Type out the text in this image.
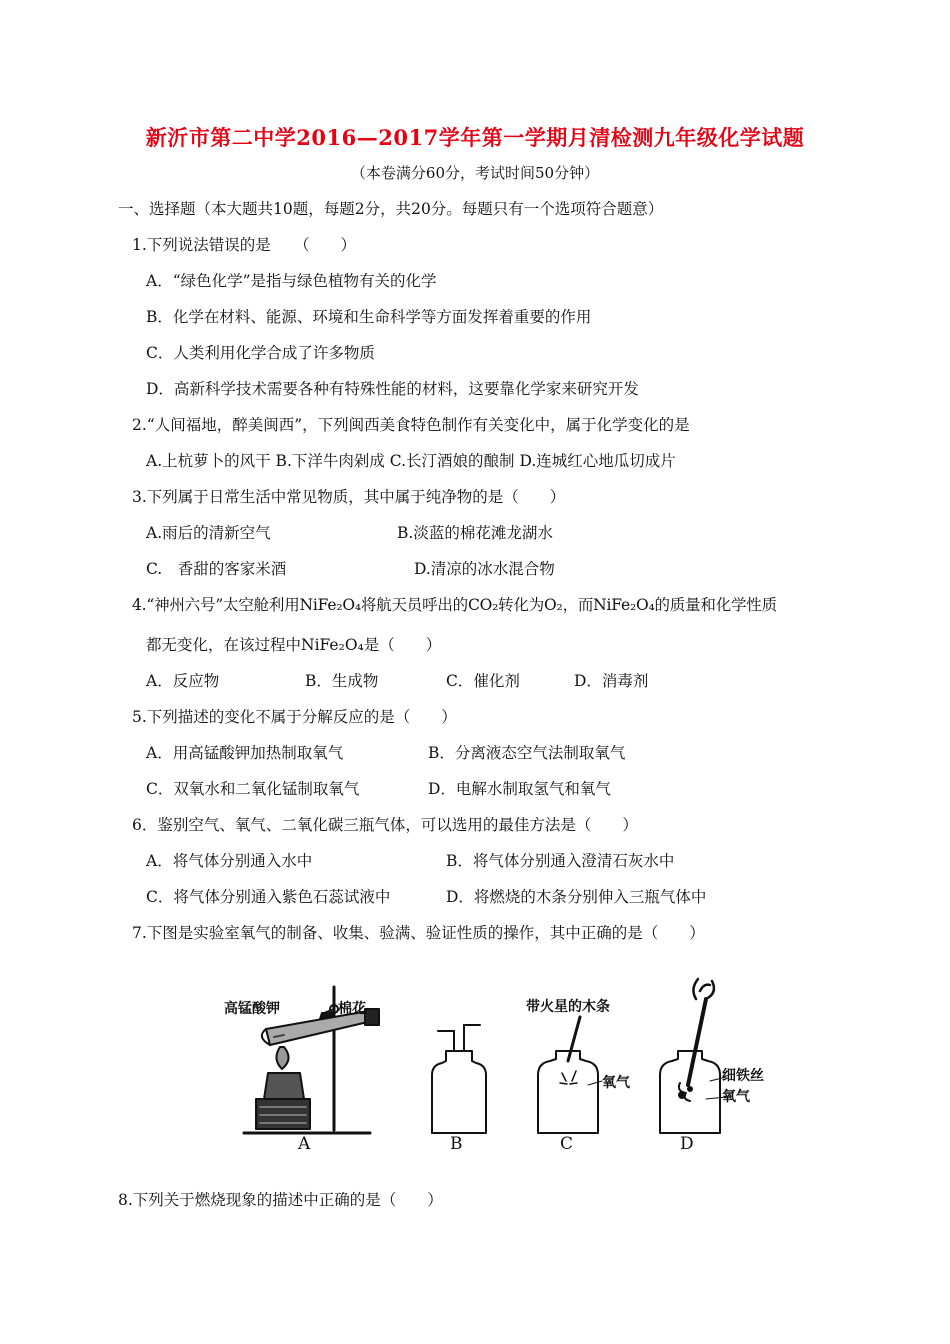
新沂市第二中学2016—2017学年第一学期月清检测九年级化学试题
（本卷满分60分，考试时间50分钟）
一、选择题（本大题共10题，每题2分，共20分。每题只有一个选项符合题意）
1.下列说法错误的是　　（　　）
A．“绿色化学”是指与绿色植物有关的化学
B．化学在材料、能源、环境和生命科学等方面发挥着重要的作用
C．人类利用化学合成了许多物质
D．高新科学技术需要各种有特殊性能的材料，这要靠化学家来研究开发
2.“人间福地，醉美闽西”，下列闽西美食特色制作有关变化中，属于化学变化的是
A.上杭萝卜的风干 B.下洋牛肉剁成 C.长汀酒娘的酿制 D.连城红心地瓜切成片
3.下列属于日常生活中常见物质，其中属于纯净物的是（　　）
A.雨后的清新空气	B.淡蓝的棉花滩龙湖水
C.　香甜的客家米酒	D.清凉的冰水混合物
4.“神州六号”太空舱利用NiFe₂O₄将航天员呼出的CO₂转化为O₂，而NiFe₂O₄的质量和化学性质
都无变化，在该过程中NiFe₂O₄是（　　）
A．反应物	B．生成物	C．催化剂	D．消毒剂
5.下列描述的变化不属于分解反应的是（　　）
A．用高锰酸钾加热制取氧气	B．分离液态空气法制取氧气
C．双氧水和二氧化锰制取氧气	D．电解水制取氢气和氧气
6．鉴别空气、氧气、二氧化碳三瓶气体，可以选用的最佳方法是（　　）
A．将气体分别通入水中	B．将气体分别通入澄清石灰水中
C．将气体分别通入紫色石蕊试液中	D．将燃烧的木条分别伸入三瓶气体中
7.下图是实验室氧气的制备、收集、验满、验证性质的操作，其中正确的是（　　）
高锰酸钾	棉花	带火星的木条
氧气	细铁丝
氧气
A	B	C	D
8.下列关于燃烧现象的描述中正确的是（　　）
